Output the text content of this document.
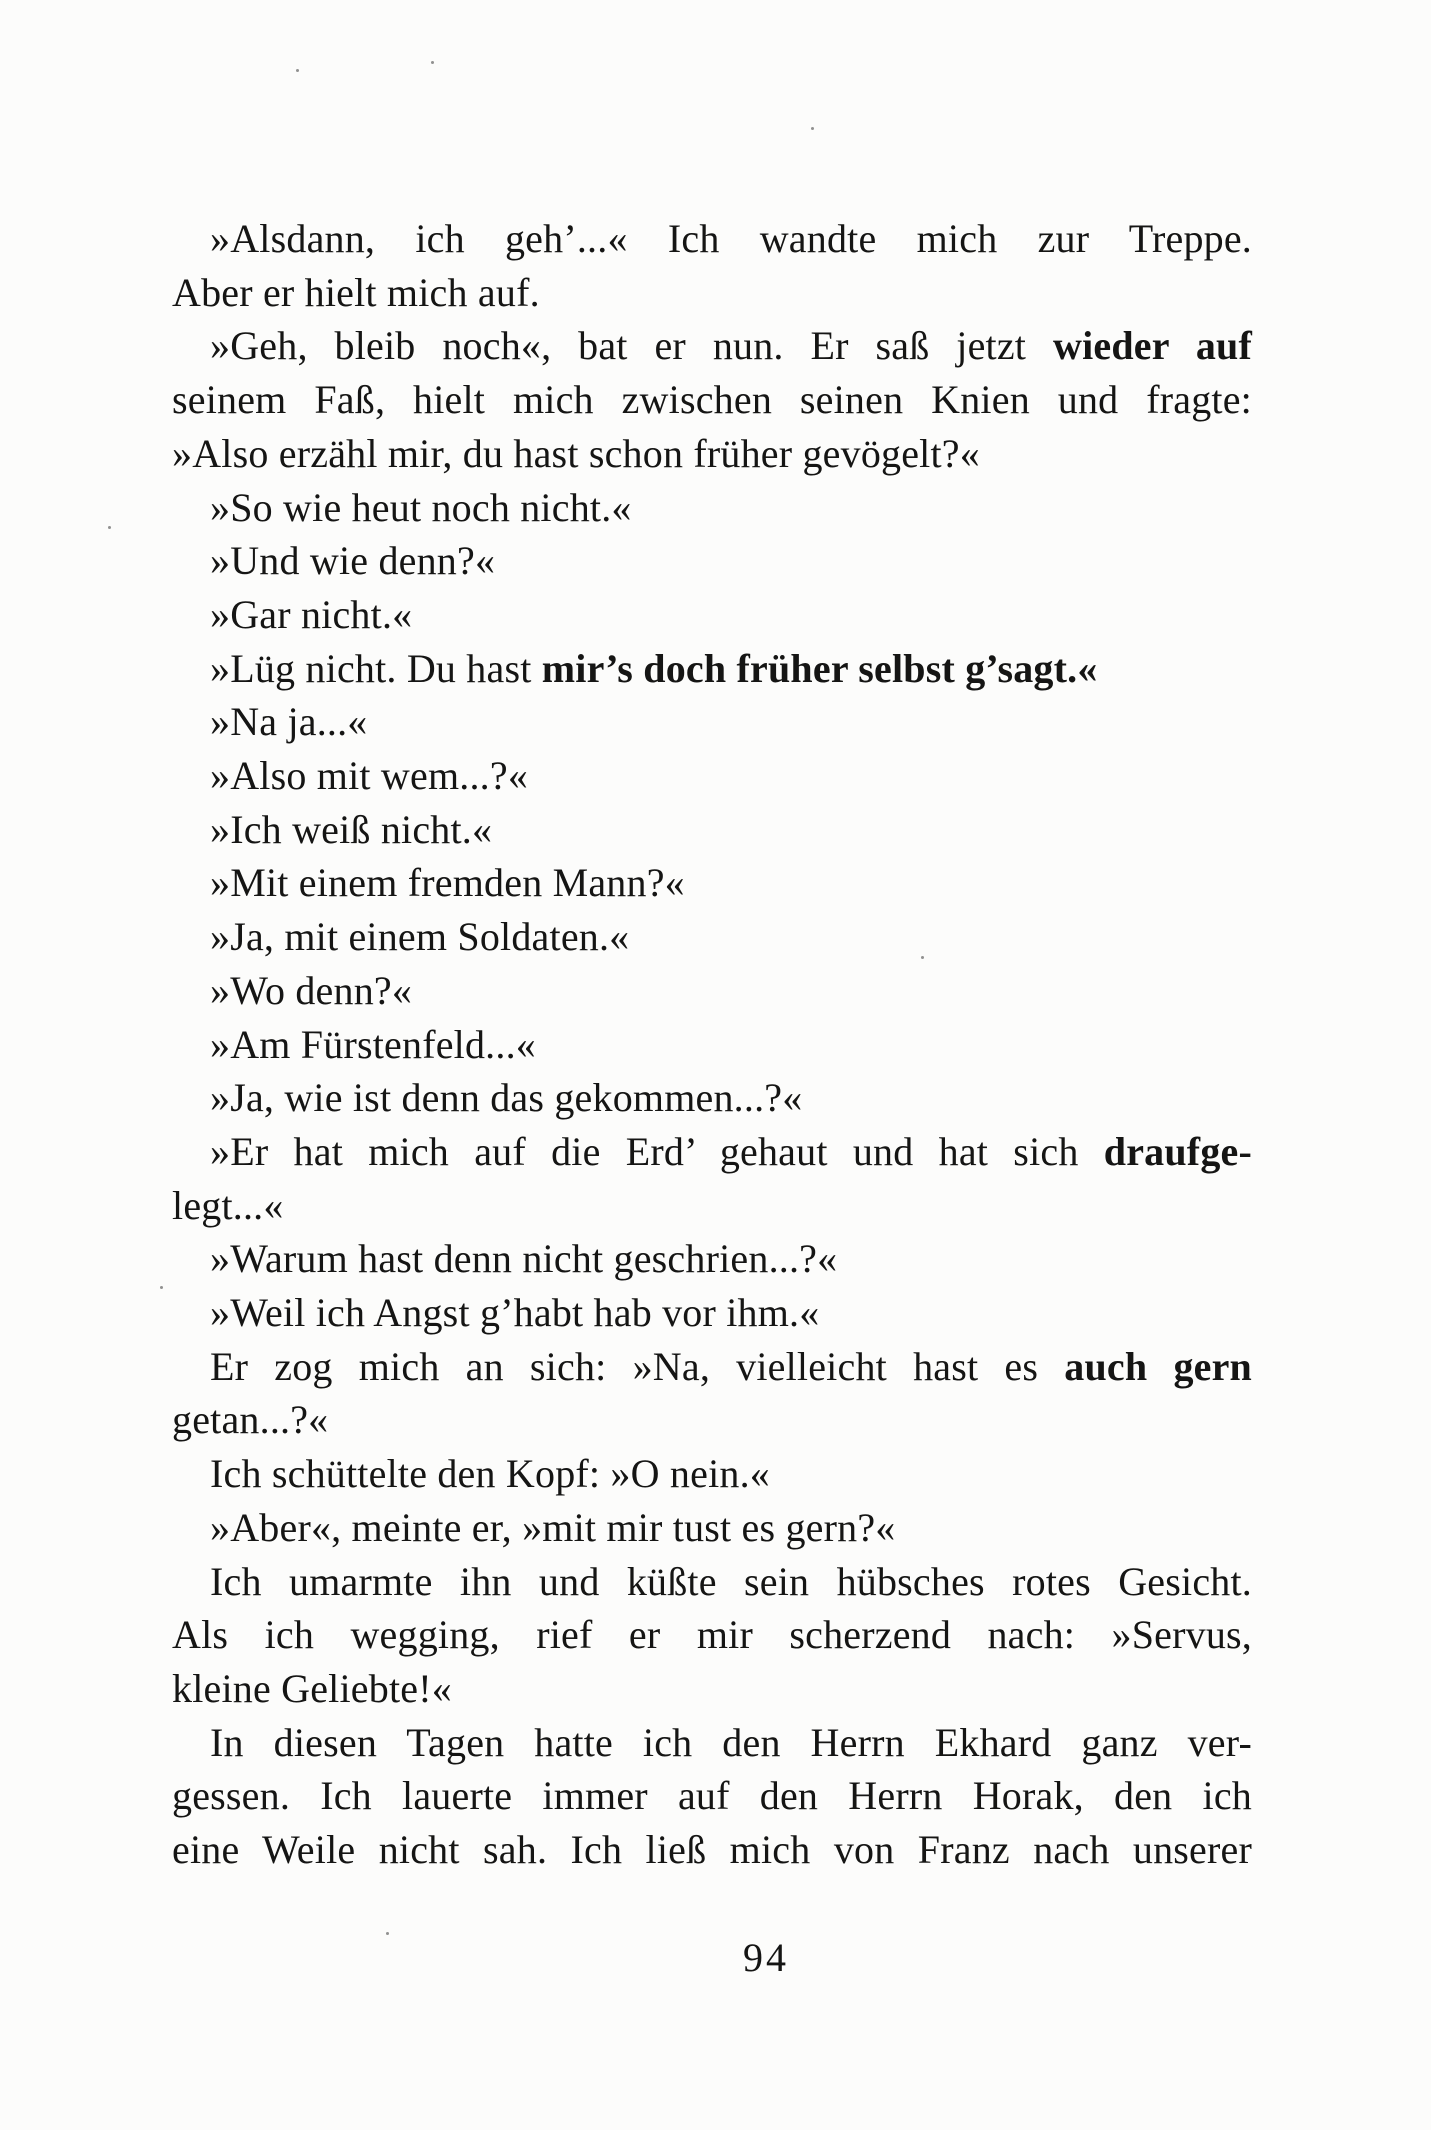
»Alsdann, ich geh’...« Ich wandte mich zur Treppe.
Aber er hielt mich auf.
»Geh, bleib noch«, bat er nun. Er saß jetzt wieder auf
seinem Faß, hielt mich zwischen seinen Knien und fragte:
»Also erzähl mir, du hast schon früher gevögelt?«
»So wie heut noch nicht.«
»Und wie denn?«
»Gar nicht.«
»Lüg nicht. Du hast mir’s doch früher selbst g’sagt.«
»Na ja...«
»Also mit wem...?«
»Ich weiß nicht.«
»Mit einem fremden Mann?«
»Ja, mit einem Soldaten.«
»Wo denn?«
»Am Fürstenfeld...«
»Ja, wie ist denn das gekommen...?«
»Er hat mich auf die Erd’ gehaut und hat sich draufge-
legt...«
»Warum hast denn nicht geschrien...?«
»Weil ich Angst g’habt hab vor ihm.«
Er zog mich an sich: »Na, vielleicht hast es auch gern
getan...?«
Ich schüttelte den Kopf: »O nein.«
»Aber«, meinte er, »mit mir tust es gern?«
Ich umarmte ihn und küßte sein hübsches rotes Gesicht.
Als ich wegging, rief er mir scherzend nach: »Servus,
kleine Geliebte!«
In diesen Tagen hatte ich den Herrn Ekhard ganz ver-
gessen. Ich lauerte immer auf den Herrn Horak, den ich
eine Weile nicht sah. Ich ließ mich von Franz nach unserer
94
